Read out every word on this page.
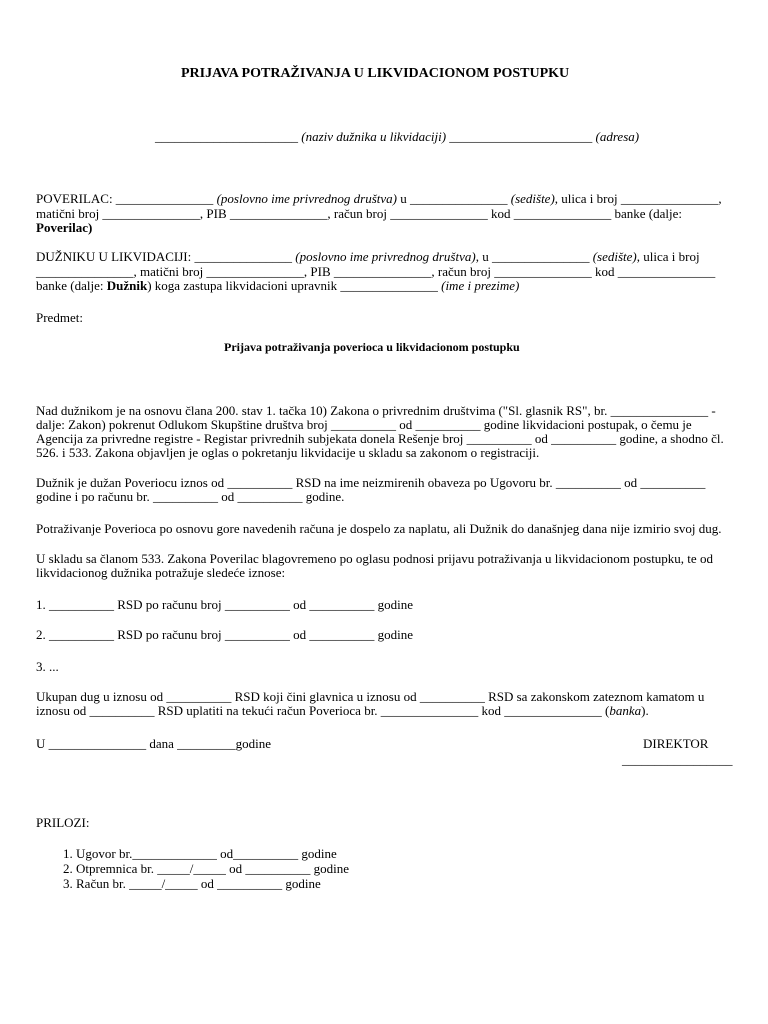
PRIJAVA POTRAŽIVANJA U LIKVIDACIONOM POSTUPKU
______________________ (naziv dužnika u likvidaciji) ______________________ (adresa)
POVERILAC: _______________ (poslovno ime privrednog društva) u _______________ (sedište), ulica i broj _______________,
matični broj _______________, PIB _______________, račun broj _______________ kod _______________ banke (dalje:
Poverilac)
DUŽNIKU U LIKVIDACIJI: _______________ (poslovno ime privrednog društva), u _______________ (sedište), ulica i broj
_______________, matični broj _______________, PIB _______________, račun broj _______________ kod _______________
banke (dalje: Dužnik) koga zastupa likvidacioni upravnik _______________ (ime i prezime)
Predmet:
Prijava potraživanja poverioca u likvidacionom postupku
Nad dužnikom je na osnovu člana 200. stav 1. tačka 10) Zakona o privrednim društvima ("Sl. glasnik RS", br. _______________ -
dalje: Zakon) pokrenut Odlukom Skupštine društva broj __________ od __________ godine likvidacioni postupak, o čemu je
Agencija za privredne registre - Registar privrednih subjekata donela Rešenje broj __________ od __________ godine, a shodno čl.
526. i 533. Zakona objavljen je oglas o pokretanju likvidacije u skladu sa zakonom o registraciji.
Dužnik je dužan Poveriocu iznos od __________ RSD na ime neizmirenih obaveza po Ugovoru br. __________ od __________
godine i po računu br. __________ od __________ godine.
Potraživanje Poverioca po osnovu gore navedenih računa je dospelo za naplatu, ali Dužnik do današnjeg dana nije izmirio svoj dug.
U skladu sa članom 533. Zakona Poverilac blagovremeno po oglasu podnosi prijavu potraživanja u likvidacionom postupku, te od
likvidacionog dužnika potražuje sledeće iznose:
1. __________ RSD po računu broj __________ od __________ godine
2. __________ RSD po računu broj __________ od __________ godine
3. ...
Ukupan dug u iznosu od __________ RSD koji čini glavnica u iznosu od __________ RSD sa zakonskom zateznom kamatom u
iznosu od __________ RSD uplatiti na tekući račun Poverioca br. _______________ kod _______________ (banka).
U _______________ dana _________godine	DIREKTOR
_________________
PRILOZI:
1. Ugovor br._____________ od__________ godine
2. Otpremnica br. _____/_____ od __________ godine
3. Račun br. _____/_____ od __________ godine
